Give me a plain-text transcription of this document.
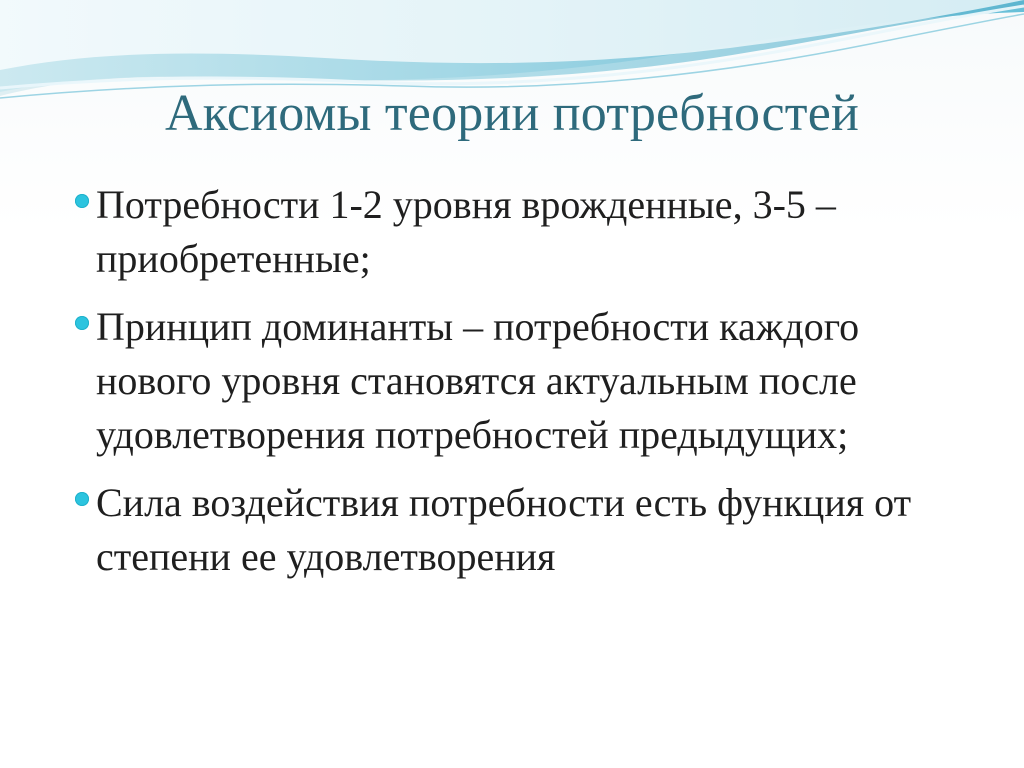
Аксиомы теории потребностей
Потребности 1-2 уровня врожденные, 3-5 – приобретенные;
Принцип доминанты – потребности каждого нового уровня становятся актуальным после удовлетворения потребностей предыдущих;
Сила воздействия потребности есть функция от степени ее удовлетворения
